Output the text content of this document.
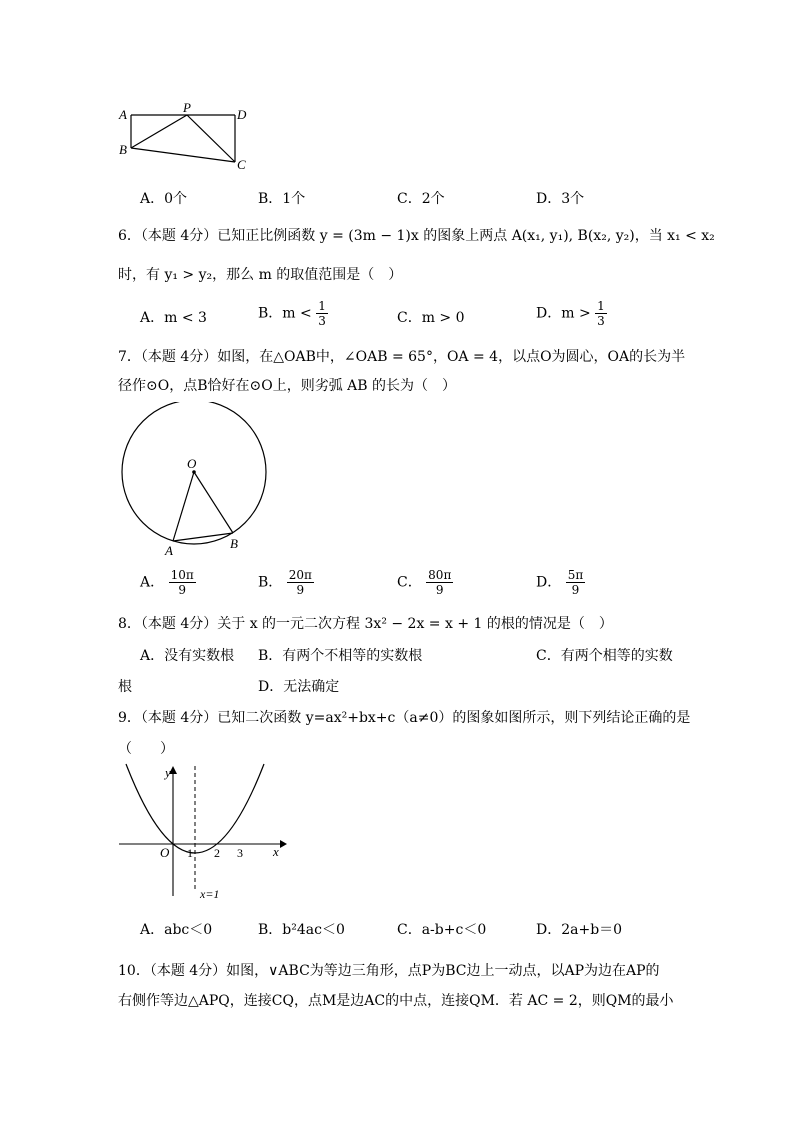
A	P	D
B
C
A．0个	B．1个	C．2个	D．3个
6．（本题 4分）已知正比例函数 y = (3m − 1)x 的图象上两点 A(x₁, y₁), B(x₂, y₂)，当 x₁ < x₂
时，有 y₁ > y₂，那么 m 的取值范围是（　）
A．m < 3	B．$m < \frac{1}{3}$	C．m > 0	D．$m > \frac{1}{3}$
7．（本题 4分）如图，在△OAB中，∠OAB = 65°，OA = 4，以点O为圆心，OA的长为半
径作⊙O，点B恰好在⊙O上，则劣弧 AB 的长为（　）
O
A	B
A． $\frac{10\pi}{9}$	B． $\frac{20\pi}{9}$	C． $\frac{80\pi}{9}$	D． $\frac{5\pi}{9}$
8．（本题 4分）关于 x 的一元二次方程 3x² − 2x = x + 1 的根的情况是（　）
A．没有实数根 B．有两个不相等的实数根	C．有两个相等的实数
根	D．无法确定
9．（本题 4分）已知二次函数 y=ax²+bx+c（a≠0）的图象如图所示，则下列结论正确的是
（　　）
y
x
O 1 2 3
x=1
A．abc＜0	B．b²4ac＜0	C．a-b+c＜0	D．2a+b＝0
10．（本题 4分）如图，∨ABC为等边三角形，点P为BC边上一动点，以AP为边在AP的
右侧作等边△APQ，连接CQ，点M是边AC的中点，连接QM．若 AC = 2，则QM的最小
